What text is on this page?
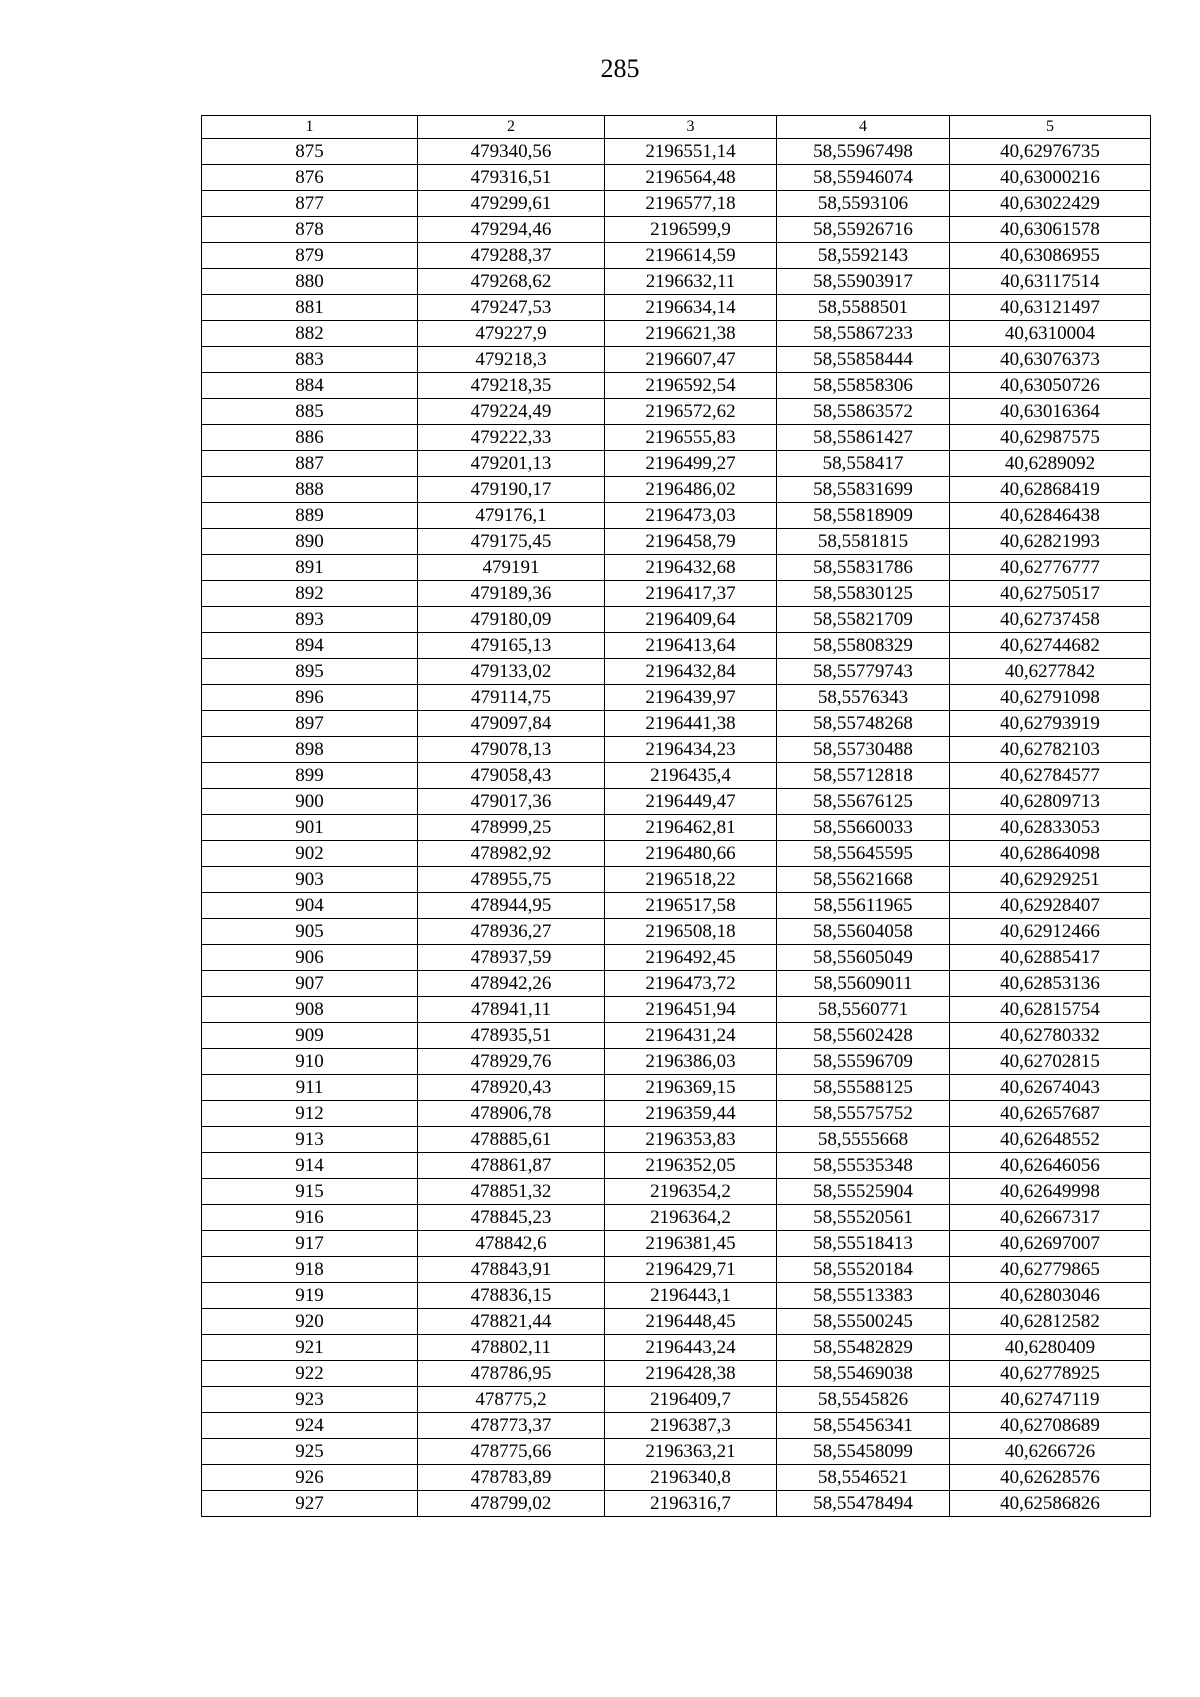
285
1	2	3	4	5
875	479340,56	2196551,14	58,55967498	40,62976735
876	479316,51	2196564,48	58,55946074	40,63000216
877	479299,61	2196577,18	58,5593106	40,63022429
878	479294,46	2196599,9	58,55926716	40,63061578
879	479288,37	2196614,59	58,5592143	40,63086955
880	479268,62	2196632,11	58,55903917	40,63117514
881	479247,53	2196634,14	58,5588501	40,63121497
882	479227,9	2196621,38	58,55867233	40,6310004
883	479218,3	2196607,47	58,55858444	40,63076373
884	479218,35	2196592,54	58,55858306	40,63050726
885	479224,49	2196572,62	58,55863572	40,63016364
886	479222,33	2196555,83	58,55861427	40,62987575
887	479201,13	2196499,27	58,558417	40,6289092
888	479190,17	2196486,02	58,55831699	40,62868419
889	479176,1	2196473,03	58,55818909	40,62846438
890	479175,45	2196458,79	58,5581815	40,62821993
891	479191	2196432,68	58,55831786	40,62776777
892	479189,36	2196417,37	58,55830125	40,62750517
893	479180,09	2196409,64	58,55821709	40,62737458
894	479165,13	2196413,64	58,55808329	40,62744682
895	479133,02	2196432,84	58,55779743	40,6277842
896	479114,75	2196439,97	58,5576343	40,62791098
897	479097,84	2196441,38	58,55748268	40,62793919
898	479078,13	2196434,23	58,55730488	40,62782103
899	479058,43	2196435,4	58,55712818	40,62784577
900	479017,36	2196449,47	58,55676125	40,62809713
901	478999,25	2196462,81	58,55660033	40,62833053
902	478982,92	2196480,66	58,55645595	40,62864098
903	478955,75	2196518,22	58,55621668	40,62929251
904	478944,95	2196517,58	58,55611965	40,62928407
905	478936,27	2196508,18	58,55604058	40,62912466
906	478937,59	2196492,45	58,55605049	40,62885417
907	478942,26	2196473,72	58,55609011	40,62853136
908	478941,11	2196451,94	58,5560771	40,62815754
909	478935,51	2196431,24	58,55602428	40,62780332
910	478929,76	2196386,03	58,55596709	40,62702815
911	478920,43	2196369,15	58,55588125	40,62674043
912	478906,78	2196359,44	58,55575752	40,62657687
913	478885,61	2196353,83	58,5555668	40,62648552
914	478861,87	2196352,05	58,55535348	40,62646056
915	478851,32	2196354,2	58,55525904	40,62649998
916	478845,23	2196364,2	58,55520561	40,62667317
917	478842,6	2196381,45	58,55518413	40,62697007
918	478843,91	2196429,71	58,55520184	40,62779865
919	478836,15	2196443,1	58,55513383	40,62803046
920	478821,44	2196448,45	58,55500245	40,62812582
921	478802,11	2196443,24	58,55482829	40,6280409
922	478786,95	2196428,38	58,55469038	40,62778925
923	478775,2	2196409,7	58,5545826	40,62747119
924	478773,37	2196387,3	58,55456341	40,62708689
925	478775,66	2196363,21	58,55458099	40,6266726
926	478783,89	2196340,8	58,5546521	40,62628576
927	478799,02	2196316,7	58,55478494	40,62586826
